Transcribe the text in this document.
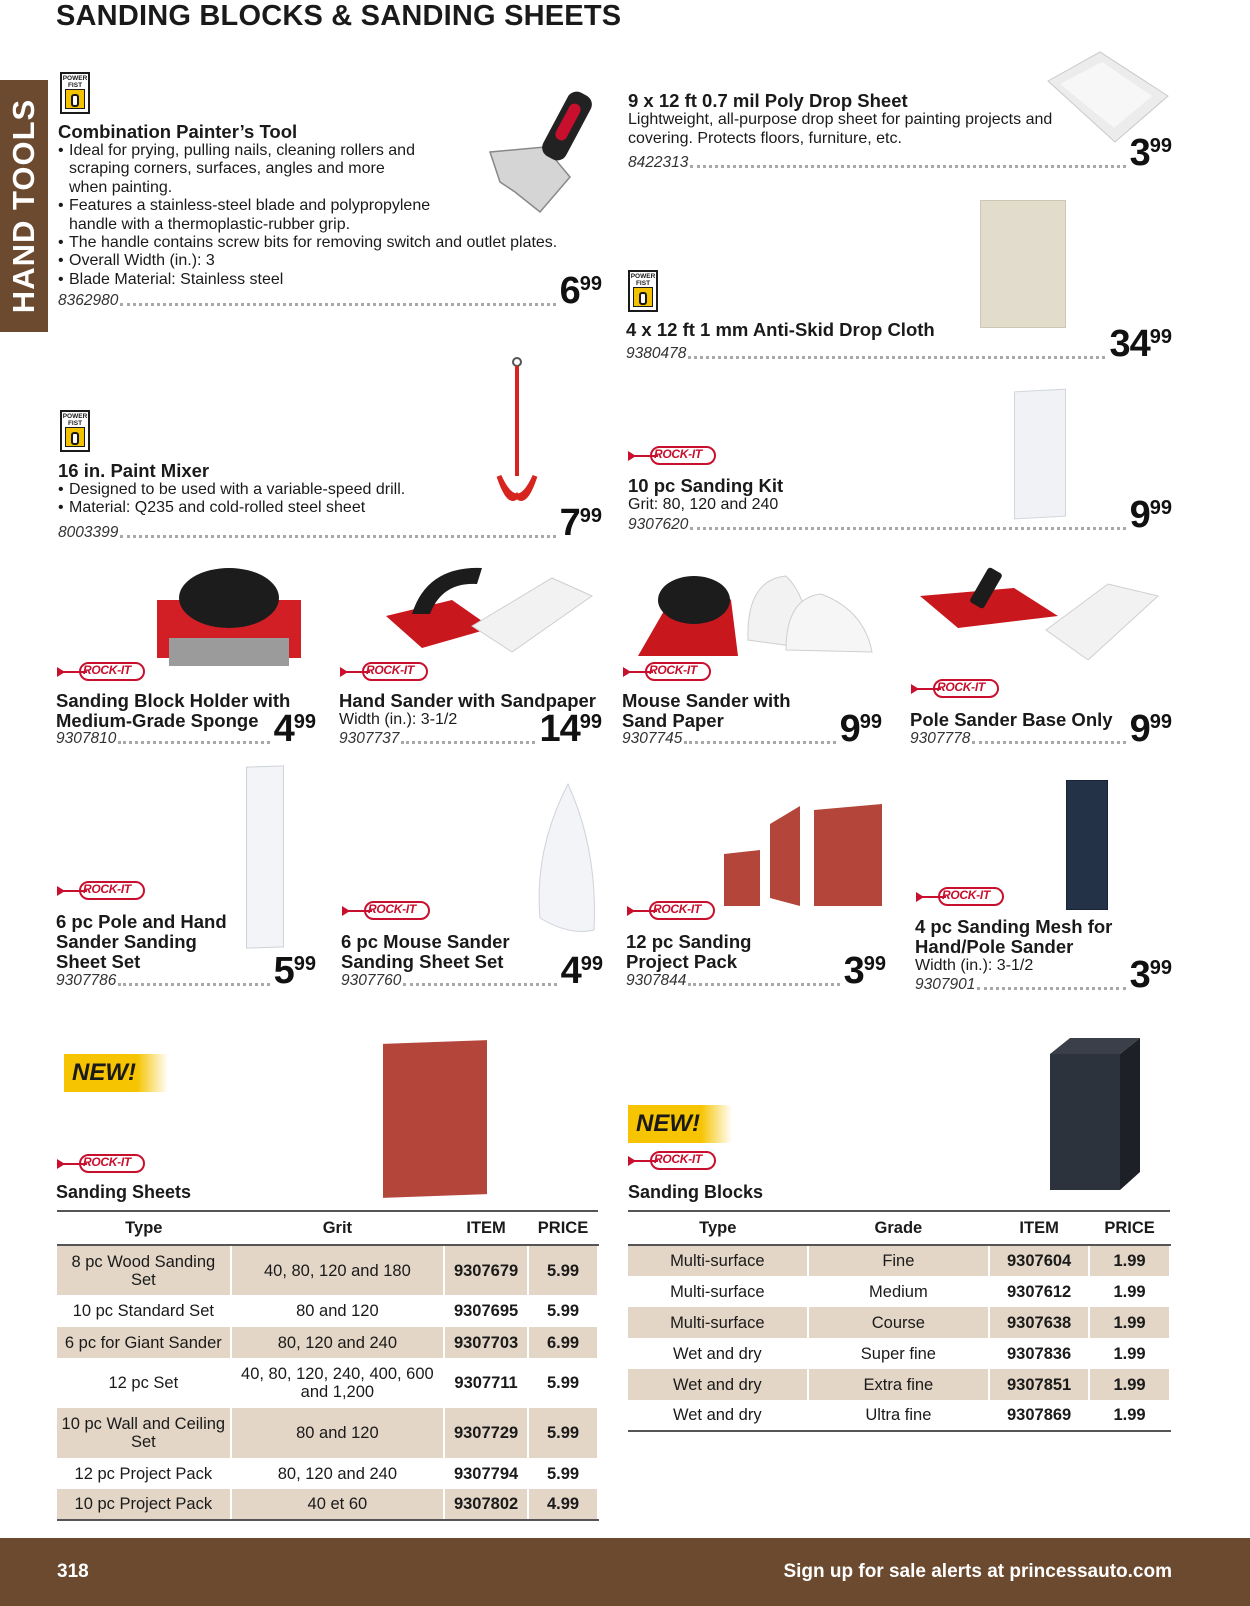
SANDING BLOCKS & SANDING SHEETS
HAND TOOLS
POWER
FIST
Combination Painter’s Tool
• Ideal for prying, pulling nails, cleaning rollers and scraping corners, surfaces, angles and more when painting.
• Features a stainless-steel blade and polypropylene handle with a thermoplastic-rubber grip.
• The handle contains screw bits for removing switch and outlet plates.
• Overall Width (in.): 3
• Blade Material: Stainless steel
8362980	699
9 x 12 ft 0.7 mil Poly Drop Sheet
Lightweight, all-purpose drop sheet for painting projects and covering. Protects floors, furniture, etc.
8422313	399
POWER
FIST
4 x 12 ft 1 mm Anti-Skid Drop Cloth
9380478	3499
POWER
FIST
16 in. Paint Mixer
• Designed to be used with a variable-speed drill.
• Material: Q235 and cold-rolled steel sheet
8003399	799
ROCK-IT
10 pc Sanding Kit
Grit: 80, 120 and 240
9307620	999
ROCK-IT
Sanding Block Holder with Medium-Grade Sponge
9307810	499
ROCK-IT
Hand Sander with Sandpaper
Width (in.): 3-1/2
9307737	1499
ROCK-IT
Mouse Sander with Sand Paper
9307745	999
ROCK-IT
Pole Sander Base Only
9307778	999
ROCK-IT
6 pc Pole and Hand Sander Sanding Sheet Set
9307786	599
ROCK-IT
6 pc Mouse Sander Sanding Sheet Set
9307760	499
ROCK-IT
12 pc Sanding Project Pack
9307844	399
ROCK-IT
4 pc Sanding Mesh for Hand/Pole Sander
Width (in.): 3-1/2
9307901	399
NEW!
ROCK-IT
Sanding Sheets
Type	Grit	ITEM	PRICE
8 pc Wood Sanding Set	40, 80, 120 and 180	9307679	5.99
10 pc Standard Set	80 and 120	9307695	5.99
6 pc for Giant Sander	80, 120 and 240	9307703	6.99
12 pc Set	40, 80, 120, 240, 400, 600 and 1,200	9307711	5.99
10 pc Wall and Ceiling Set	80 and 120	9307729	5.99
12 pc Project Pack	80, 120 and 240	9307794	5.99
10 pc Project Pack	40 et 60	9307802	4.99
NEW!
ROCK-IT
Sanding Blocks
Type	Grade	ITEM	PRICE
Multi-surface	Fine	9307604	1.99
Multi-surface	Medium	9307612	1.99
Multi-surface	Course	9307638	1.99
Wet and dry	Super fine	9307836	1.99
Wet and dry	Extra fine	9307851	1.99
Wet and dry	Ultra fine	9307869	1.99
318	Sign up for sale alerts at princessauto.com
